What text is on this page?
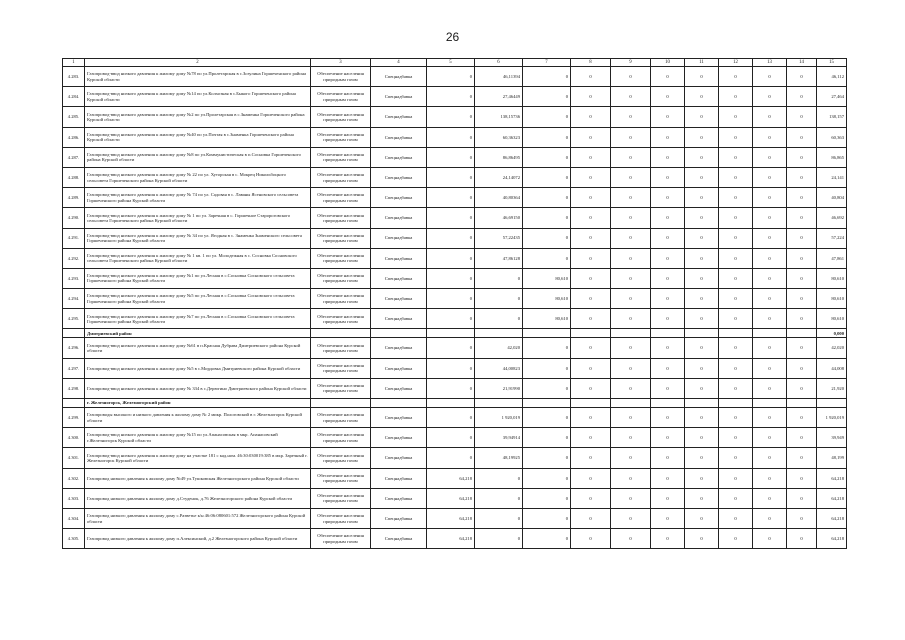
26
1	2	3	4	5	6	7	8	9	10	11	12	13	14	15
4.283.	Газопровод-ввод низкого давления к жилому дому №78 по ул.Пролетарская в с.Зозулина Горшеченского района Курской области	Обеспечение населения природным газом	Спецнадбавка	0	46,11394	0	0	0	0	0	0	0	0	46,112
4.284.	Газопровод-ввод низкого давления к жилому дому №14 по ул.Колхозная в с.Быкогo Горшеченского района Курской области	Обеспечение населения природным газом	Спецнадбавка	0	27,46449	0	0	0	0	0	0	0	0	27,464
4.285.	Газопровод-ввод низкого давления к жилому дому №2 по ул.Пролетарская в с.Знаменка Горшеченского района Курской области	Обеспечение населения природным газом	Спецнадбавка	0	138,15736	0	0	0	0	0	0	0	0	138,157
4.286.	Газопровод-ввод низкого давления к жилому дому №40 по ул.Почтая в с.Знаменка Горшеченского района Курской области	Обеспечение населения природным газом	Спецнадбавка	0	60,36323	0	0	0	0	0	0	0	0	60,363
4.287.	Газопровод-ввод низкого давления к жилому дому №8 по ул.Коммунистическая в п.Сосновка Горшеченского района Курской области	Обеспечение населения природным газом	Спецнадбавка	0	86,86495	0	0	0	0	0	0	0	0	86,865
4.288.	Газопровод-ввод низкого давления к жилому дому № 22 по ул. Хуторская в с. Мокрец Никольбоцкого сельсовета Горшеченского района Курской области	Обеспечение населения природным газом	Спецнадбавка	0	24,14072	0	0	0	0	0	0	0	0	24,141
4.289.	Газопровод-ввод низкого давления к жилому дому № 74 по ул. Садовая в с. Лаваны Ясеновского сельсовета Горшеченского района Курской области	Обеспечение населения природным газом	Спецнадбавка	0	40,80364	0	0	0	0	0	0	0	0	40,804
4.290.	Газопровод-ввод низкого давления к жилому дому № 1 по ул. Заречная в с. Горшечное Старороговского сельсовета Горшеченского района Курской области	Обеспечение населения природным газом	Спецнадбавка	0	46,69150	0	0	0	0	0	0	0	0	46,692
4.291.	Газопровод-ввод низкого давления к жилому дому № 34 по ул. Ягодная в с. Знаменка Знаменского сельсовета Горшеченского района Курской области	Обеспечение населения природным газом	Спецнадбавка	0	57,22435	0	0	0	0	0	0	0	0	57,224
4.292.	Газопровод-ввод низкого давления к жилому дому № 1 кв. 1 по ул. Молодежная в с. Сосновка Сосновского сельсовета Горшеченского района Курской области	Обеспечение населения природным газом	Спецнадбавка	0	47,86128	0	0	0	0	0	0	0	0	47,861
4.293.	Газопровод-ввод низкого давления к жилому дому №1 по ул.Лесная в с.Сосновка Сосновского сельсовета Горшеченского района Курской области	Обеспечение населения природным газом	Спецнадбавка	0	0	80,610	0	0	0	0	0	0	0	80,610
4.294.	Газопровод-ввод низкого давления к жилому дому №5 по ул.Лесная в с.Сосновка Сосновского сельсовета Горшеченского района Курской области	Обеспечение населения природным газом	Спецнадбавка	0	0	80,610	0	0	0	0	0	0	0	80,610
4.295.	Газопровод-ввод низкого давления к жилому дому №7 по ул.Лесная в с.Сосновка Сосновского сельсовета Горшеченского района Курской области	Обеспечение населения природным газом	Спецнадбавка	0	0	80,610	0	0	0	0	0	0	0	80,610
	Дмитриевский район													0,000
4.296.	Газопровод-ввод низкого давления к жилому дому №61 в п.Красная Дубрава Дмитриевского района Курской области	Обеспечение населения природным газом	Спецнадбавка	0	42,020	0	0	0	0	0	0	0	0	42,020
4.297.	Газопровод-ввод низкого давления к жилому дому №5 в с.Мордовка Дмитриевского района Курской области	Обеспечение населения природным газом	Спецнадбавка	0	44,00823	0	0	0	0	0	0	0	0	44,008
4.298.	Газопровод-ввод низкого давления к жилому дому № 334 в с.Дерюгино Дмитриевского района Курской области	Обеспечение населения природным газом	Спецнадбавка	0	21,91990	0	0	0	0	0	0	0	0	21,920
	г. Железногорск, Железногорский район													
4.299.	Газопроводы высокого и низкого давления к жилому дому № 2 микр. Пологовский в г. Железногорск Курской области	Обеспечение населения природным газом	Спецнадбавка	0	1 920,019	0	0	0	0	0	0	0	0	1 920,019
4.300.	Газопровод-ввод низкого давления к жилому дому №15 по ул.Апанасовская в мкр. Апанасовский г.Железногорск Курской области	Обеспечение населения природным газом	Спецнадбавка	0	39,94914	0	0	0	0	0	0	0	0	39,949
4.301.	Газопровод-ввод низкого давления к жилому дому на участке 181 с кад.ном. 46:30:030019:385 в мкр. Заречный г. Железногорск Курской области	Обеспечение населения природным газом	Спецнадбавка	0	48,19925	0	0	0	0	0	0	0	0	48,199
4.302.	Газопровод низкого давления к жилому дому №49 ул.Тушковская Железногорского района Курской области	Обеспечение населения природным газом	Спецнадбавка	64,218	0	0	0	0	0	0	0	0	0	64,218
4.303.	Газопровод низкого давления к жилому дому д.Студенок, д.76 Железногорского района Курской области	Обеспечение населения природным газом	Спецнадбавка	64,218	0	0	0	0	0	0	0	0	0	64,218
4.304.	Газопровод низкого давления к жилому дому с.Разветье к/н 46:06:080601:572 Железногорского района Курской области	Обеспечение населения природным газом	Спецнадбавка	64,218	0	0	0	0	0	0	0	0	0	64,218
4.305.	Газопровод низкого давления к жилому дому п.Алексинский, д.2 Железногорского района Курской области	Обеспечение населения природным газом	Спецнадбавка	64,218	0	0	0	0	0	0	0	0	0	64,218
